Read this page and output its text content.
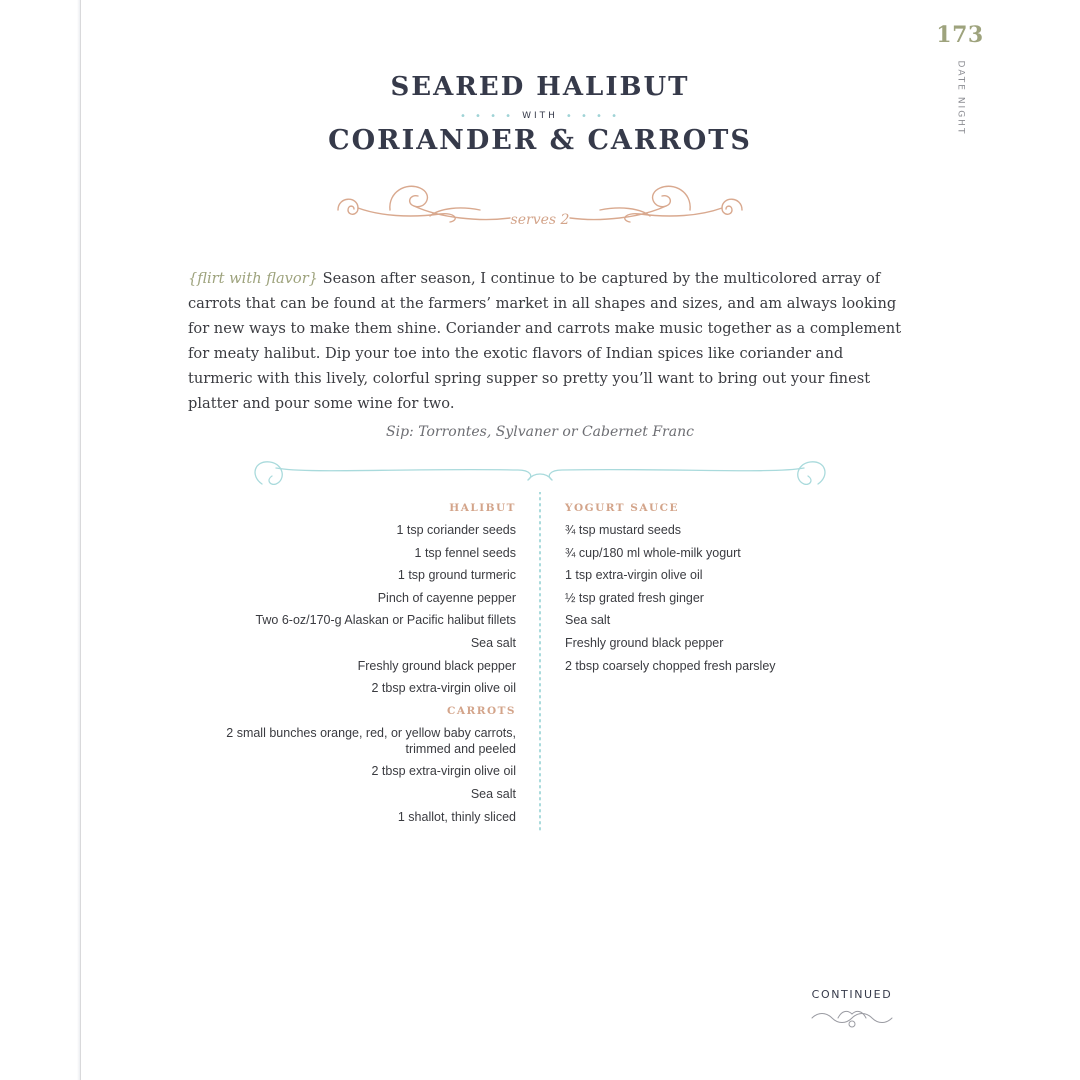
173
DATE NIGHT
SEARED HALIBUT
• • • • WITH • • • •
CORIANDER & CARROTS
serves 2

{flirt with flavor} Season after season, I continue to be captured by the multicolored array of carrots that can be found at the farmers’ market in all shapes and sizes, and am always looking for new ways to make them shine. Coriander and carrots make music together as a complement for meaty halibut. Dip your toe into the exotic flavors of Indian spices like coriander and turmeric with this lively, colorful spring supper so pretty you’ll want to bring out your finest platter and pour some wine for two.

Sip: Torrontes, Sylvaner or Cabernet Franc
HALIBUT
1 tsp coriander seeds
1 tsp fennel seeds
1 tsp ground turmeric
Pinch of cayenne pepper
Two 6-oz/170-g Alaskan or Pacific halibut fillets
Sea salt
Freshly ground black pepper
2 tbsp extra-virgin olive oil
CARROTS
2 small bunches orange, red, or yellow baby carrots,
trimmed and peeled
2 tbsp extra-virgin olive oil
Sea salt
1 shallot, thinly sliced
YOGURT SAUCE
¾ tsp mustard seeds
¾ cup/180 ml whole-milk yogurt
1 tsp extra-virgin olive oil
½ tsp grated fresh ginger
Sea salt
Freshly ground black pepper
2 tbsp coarsely chopped fresh parsley
CONTINUED
